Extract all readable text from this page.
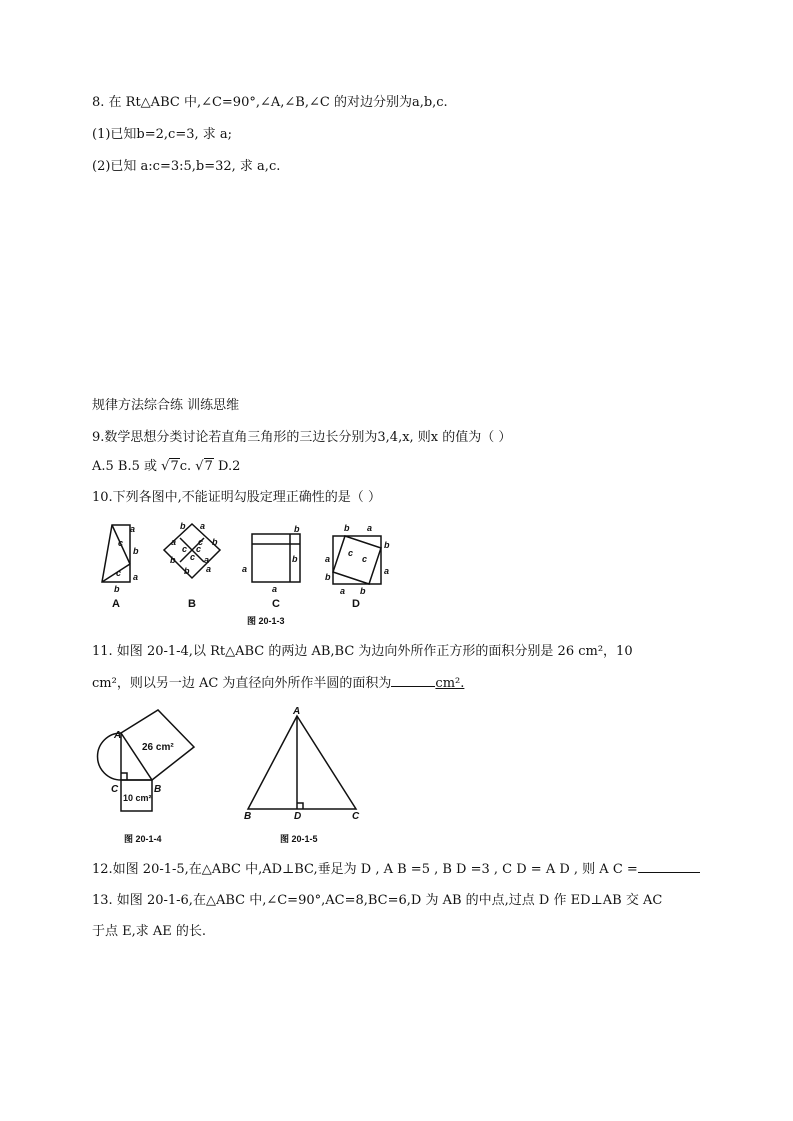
8. 在 Rt△ABC 中,∠C=90°,∠A,∠B,∠C 的对边分别为a,b,c.
(1)已知b=2,c=3, 求 a;
(2)已知 a:c=3:5,b=32, 求 a,c.
规律方法综合练 训练思维
9.数学思想分类讨论若直角三角形的三边长分别为3,4,x, 则x 的值为（ ）
A.5 B.5 或 √7c. √7 D.2
10.下列各图中,不能证明勾股定理正确性的是（ ）
a
b
c
c a
b
b a
a
c
c b
b c a
a
b
c
b
a
a
b
b a
b
a
c
c
a
b
a b
A	B	C	D
图 20-1-3
11. 如图 20-1-4,以 Rt△ABC 的两边 AB,BC 为边向外所作正方形的面积分别是 26 cm²，10
cm²，则以另一边 AC 为直径向外所作半圆的面积为	cm².
A
B
C
26 cm²
10 cm²
图 20-1-4
A
B	D	C
图 20-1-5
12.如图 20-1-5,在△ABC 中,AD⊥BC,垂足为 D , A B =5 , B D =3 , C D = A D , 则 A C =
13. 如图 20-1-6,在△ABC 中,∠C=90°,AC=8,BC=6,D 为 AB 的中点,过点 D 作 ED⊥AB 交 AC
于点 E,求 AE 的长.
